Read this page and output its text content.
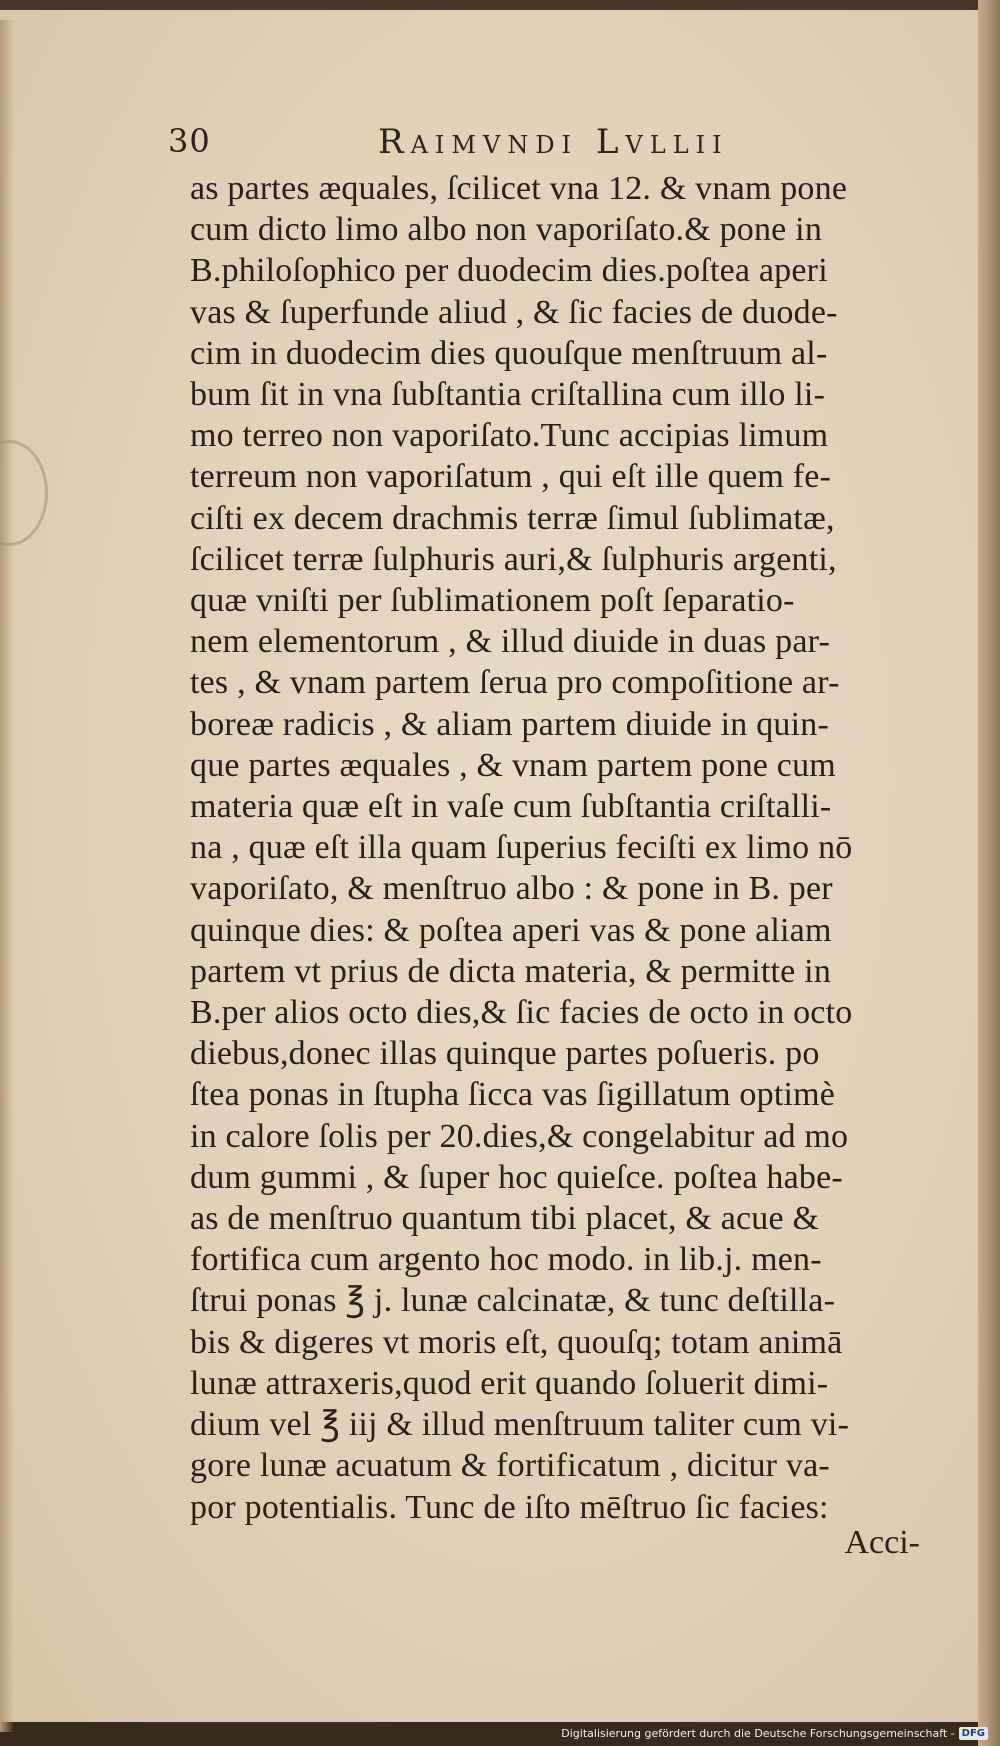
30	Raimvndi Lvllii
as partes æquales, ſcilicet vna 12. & vnam pone
cum dicto limo albo non vaporiſato.& pone in
B.philoſophico per duodecim dies.poſtea aperi
vas & ſuperfunde aliud , & ſic facies de duode-
cim in duodecim dies quouſque menſtruum al-
bum ſit in vna ſubſtantia criſtallina cum illo li-
mo terreo non vaporiſato.Tunc accipias limum
terreum non vaporiſatum , qui eſt ille quem fe-
ciſti ex decem drachmis terræ ſimul ſublimatæ,
ſcilicet terræ ſulphuris auri,& ſulphuris argenti,
quæ vniſti per ſublimationem poſt ſeparatio-
nem elementorum , & illud diuide in duas par-
tes , & vnam partem ſerua pro compoſitione ar-
boreæ radicis , & aliam partem diuide in quin-
que partes æquales , & vnam partem pone cum
materia quæ eſt in vaſe cum ſubſtantia criſtalli-
na , quæ eſt illa quam ſuperius feciſti ex limo nō
vaporiſato, & menſtruo albo : & pone in B. per
quinque dies: & poſtea aperi vas & pone aliam
partem vt prius de dicta materia, & permitte in
B.per alios octo dies,& ſic facies de octo in octo
diebus,donec illas quinque partes poſueris. po
ſtea ponas in ſtupha ſicca vas ſigillatum optimè
in calore ſolis per 20.dies,& congelabitur ad mo
dum gummi , & ſuper hoc quieſce. poſtea habe-
as de menſtruo quantum tibi placet, & acue &
fortifica cum argento hoc modo. in lib.j. men-
ſtrui ponas ℥ j. lunæ calcinatæ, & tunc deſtilla-
bis & digeres vt moris eſt, quouſq; totam animā
lunæ attraxeris,quod erit quando ſoluerit dimi-
dium vel ℥ iij & illud menſtruum taliter cum vi-
gore lunæ acuatum & fortificatum , dicitur va-
por potentialis. Tunc de iſto mēſtruo ſic facies:
Acci-
Digitalisierung gefördert durch die Deutsche Forschungsgemeinschaft - DFG
